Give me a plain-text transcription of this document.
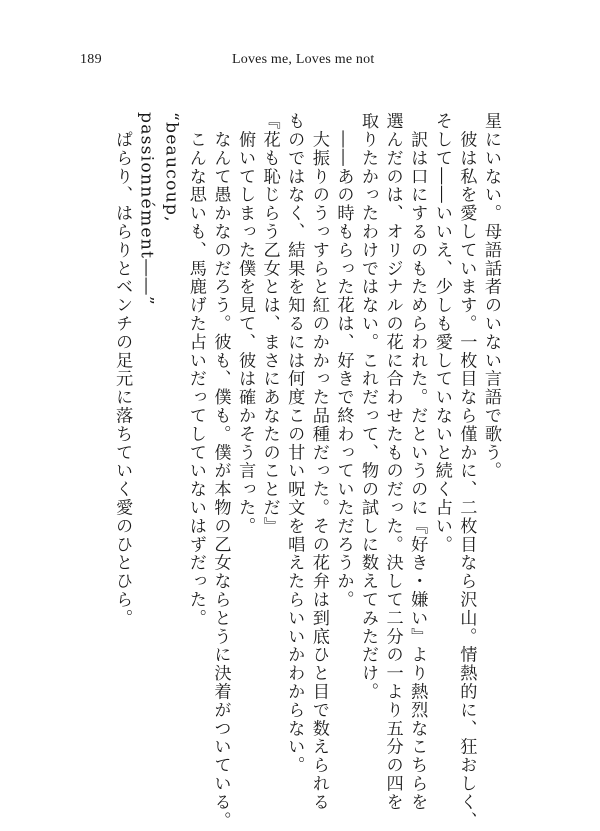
189	Loves me, Loves me not
星にいない。母語話者のいない言語で歌う。
　彼は私を愛しています。一枚目なら僅かに、二枚目なら沢山。情熱的に、狂おしく、
そして――いいえ、少しも愛していないと続く占い。
　訳は口にするのもためらわれた。だというのに『好き・嫌い』より熱烈なこちらを
選んだのは、オリジナルの花に合わせたものだった。決して二分の一より五分の四を
取りたかったわけではない。これだって、物の試しに数えてみただけ。
　――あの時もらった花は、好きで終わっていただろうか。
　大振りのうっすらと紅のかかった品種だった。その花弁は到底ひと目で数えられる
ものではなく、結果を知るには何度この甘い呪文を唱えたらいいかわからない。
『花も恥じらう乙女とは、まさにあなたのことだ』
　俯いてしまった僕を見て、彼は確かそう言った。
　なんて愚かなのだろう。彼も、僕も。僕が本物の乙女ならとうに決着がついている。
　こんな思いも、馬鹿げた占いだってしていないはずだった。
“beaucoup,
passionnément――”
　ぱらり、はらりとベンチの足元に落ちていく愛のひとひら。
